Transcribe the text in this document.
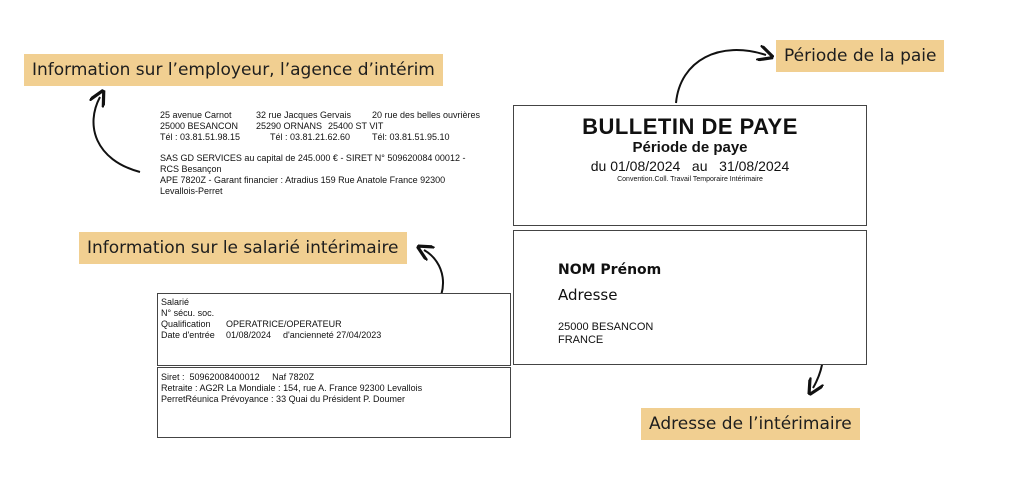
Information sur l’employeur, l’agence d’intérim
Information sur le salarié intérimaire
Période de la paie
Adresse de l’intérimaire
25 avenue Carnot	32 rue Jacques Gervais 20 rue des belles ouvrières
25000 BESANCON 25290 ORNANS 25400 ST VIT
Tél : 03.81.51.98.15	Tél : 03.81.21.62.60 Tél: 03.81.51.95.10
SAS GD SERVICES au capital de 245.000 € - SIRET N° 509620084 00012 -
RCS Besançon
APE 7820Z - Garant financier : Atradius 159 Rue Anatole France 92300
Levallois-Perret
BULLETIN DE PAYE
Période de paye
du 01/08/2024   au   31/08/2024
Convention.Coll. Travail Temporaire Intérimaire
NOM Prénom
Adresse
25000 BESANCON
FRANCE
Salarié
N° sécu. soc.
Qualification OPERATRICE/OPERATEUR
Date d'entrée 01/08/2024 d'ancienneté 27/04/2023
Siret :  50962008400012     Naf 7820Z
Retraite : AG2R La Mondiale : 154, rue A. France 92300 Levallois
PerretRéunica Prévoyance : 33 Quai du Président P. Doumer
